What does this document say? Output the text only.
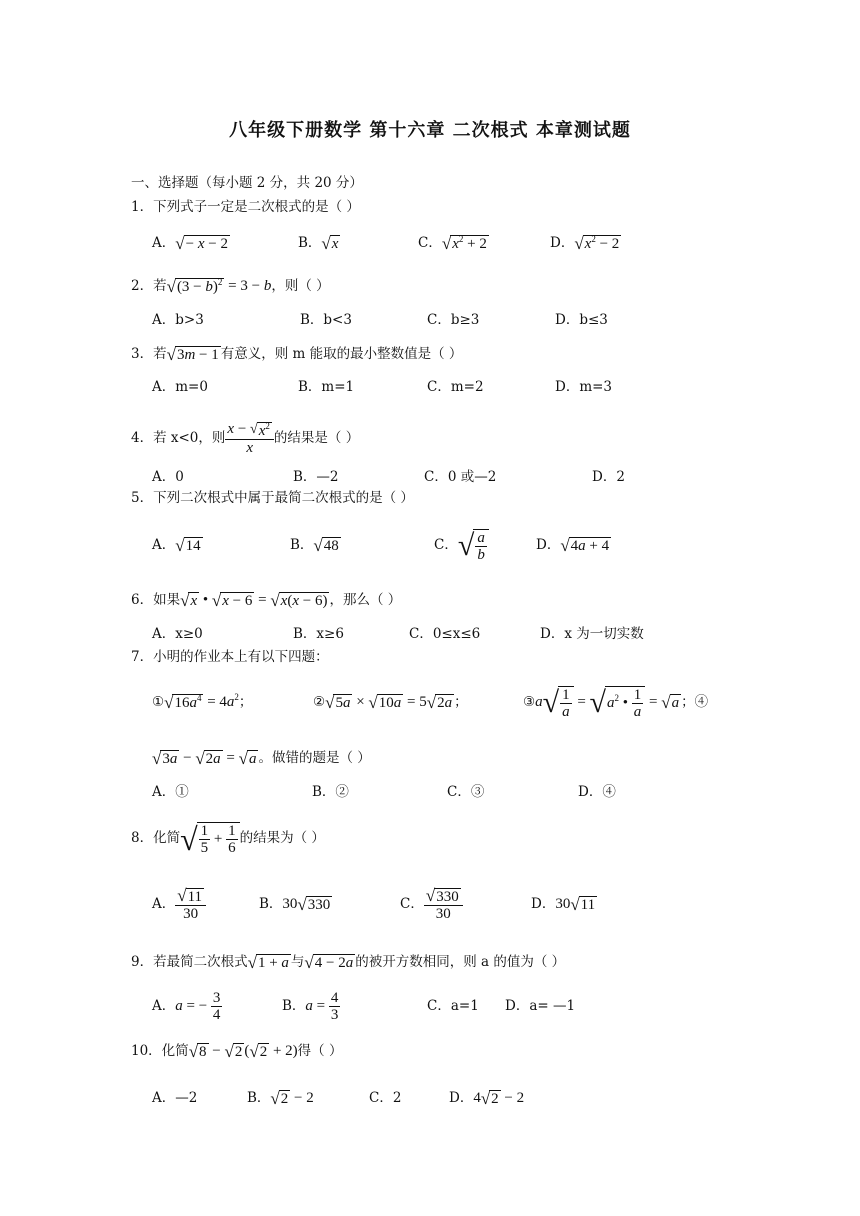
八年级下册数学 第十六章 二次根式 本章测试题
一、选择题（每小题 2 分，共 20 分）
1．下列式子一定是二次根式的是（ ）
A．√− x − 2	B．√x	C．$√x^2 + 2$	D．$√x^2 - 2$
2．若$√(3 - b)^2 = 3 - b$，则（ ）
A．b>3	B．b<3	C．b≥3	D．b≤3
3．若√3m − 1 有意义，则 m 能取的最小整数值是（ ）
A．m=0	B．m=1	C．m=2	D．m=3
4．若 x<0，则 $\frac{x - √x^2}{x}$ 的结果是（ ）
A．0	B．—2	C．0 或—2	D．2
5．下列二次根式中属于最简二次根式的是（ ）
A．√14	B．√48	C．√ $\frac{a}{b}$	D．√4a + 4
6．如果√x • √x − 6 = √x(x − 6) ，那么（ ）
A．x≥0	B．x≥6	C．0≤x≤6	D．x 为一切实数
7．小明的作业本上有以下四题：
$①√16a^4 = 4a^2$；	②√5a × √10a = 5√2a ；	③a√ $\frac{1}{a} = √a^2$ • $\frac{1}{a} = √a$ ；④
√3a − √2a = √a 。做错的题是（ ）
A．①	B．②	C．③	D．④
8．化简√ $\frac{1}{5} + \frac{1}{6}$ 的结果为（ ）
A． $\frac{√11}{30}$	B．30√330	C． $\frac{√330}{30}$	D．30√11
9．若最简二次根式√1 + a 与√4 − 2a 的被开方数相同，则 a 的值为（ ）
A．a = − $\frac{3}{4}$	B．$a = \frac{4}{3}$	C．a=1 D．a= —1
10．化简√8 − √2 (√2 + 2)得（ ）
A．—2	B．√2 − 2	C．2	D．4√2 − 2
